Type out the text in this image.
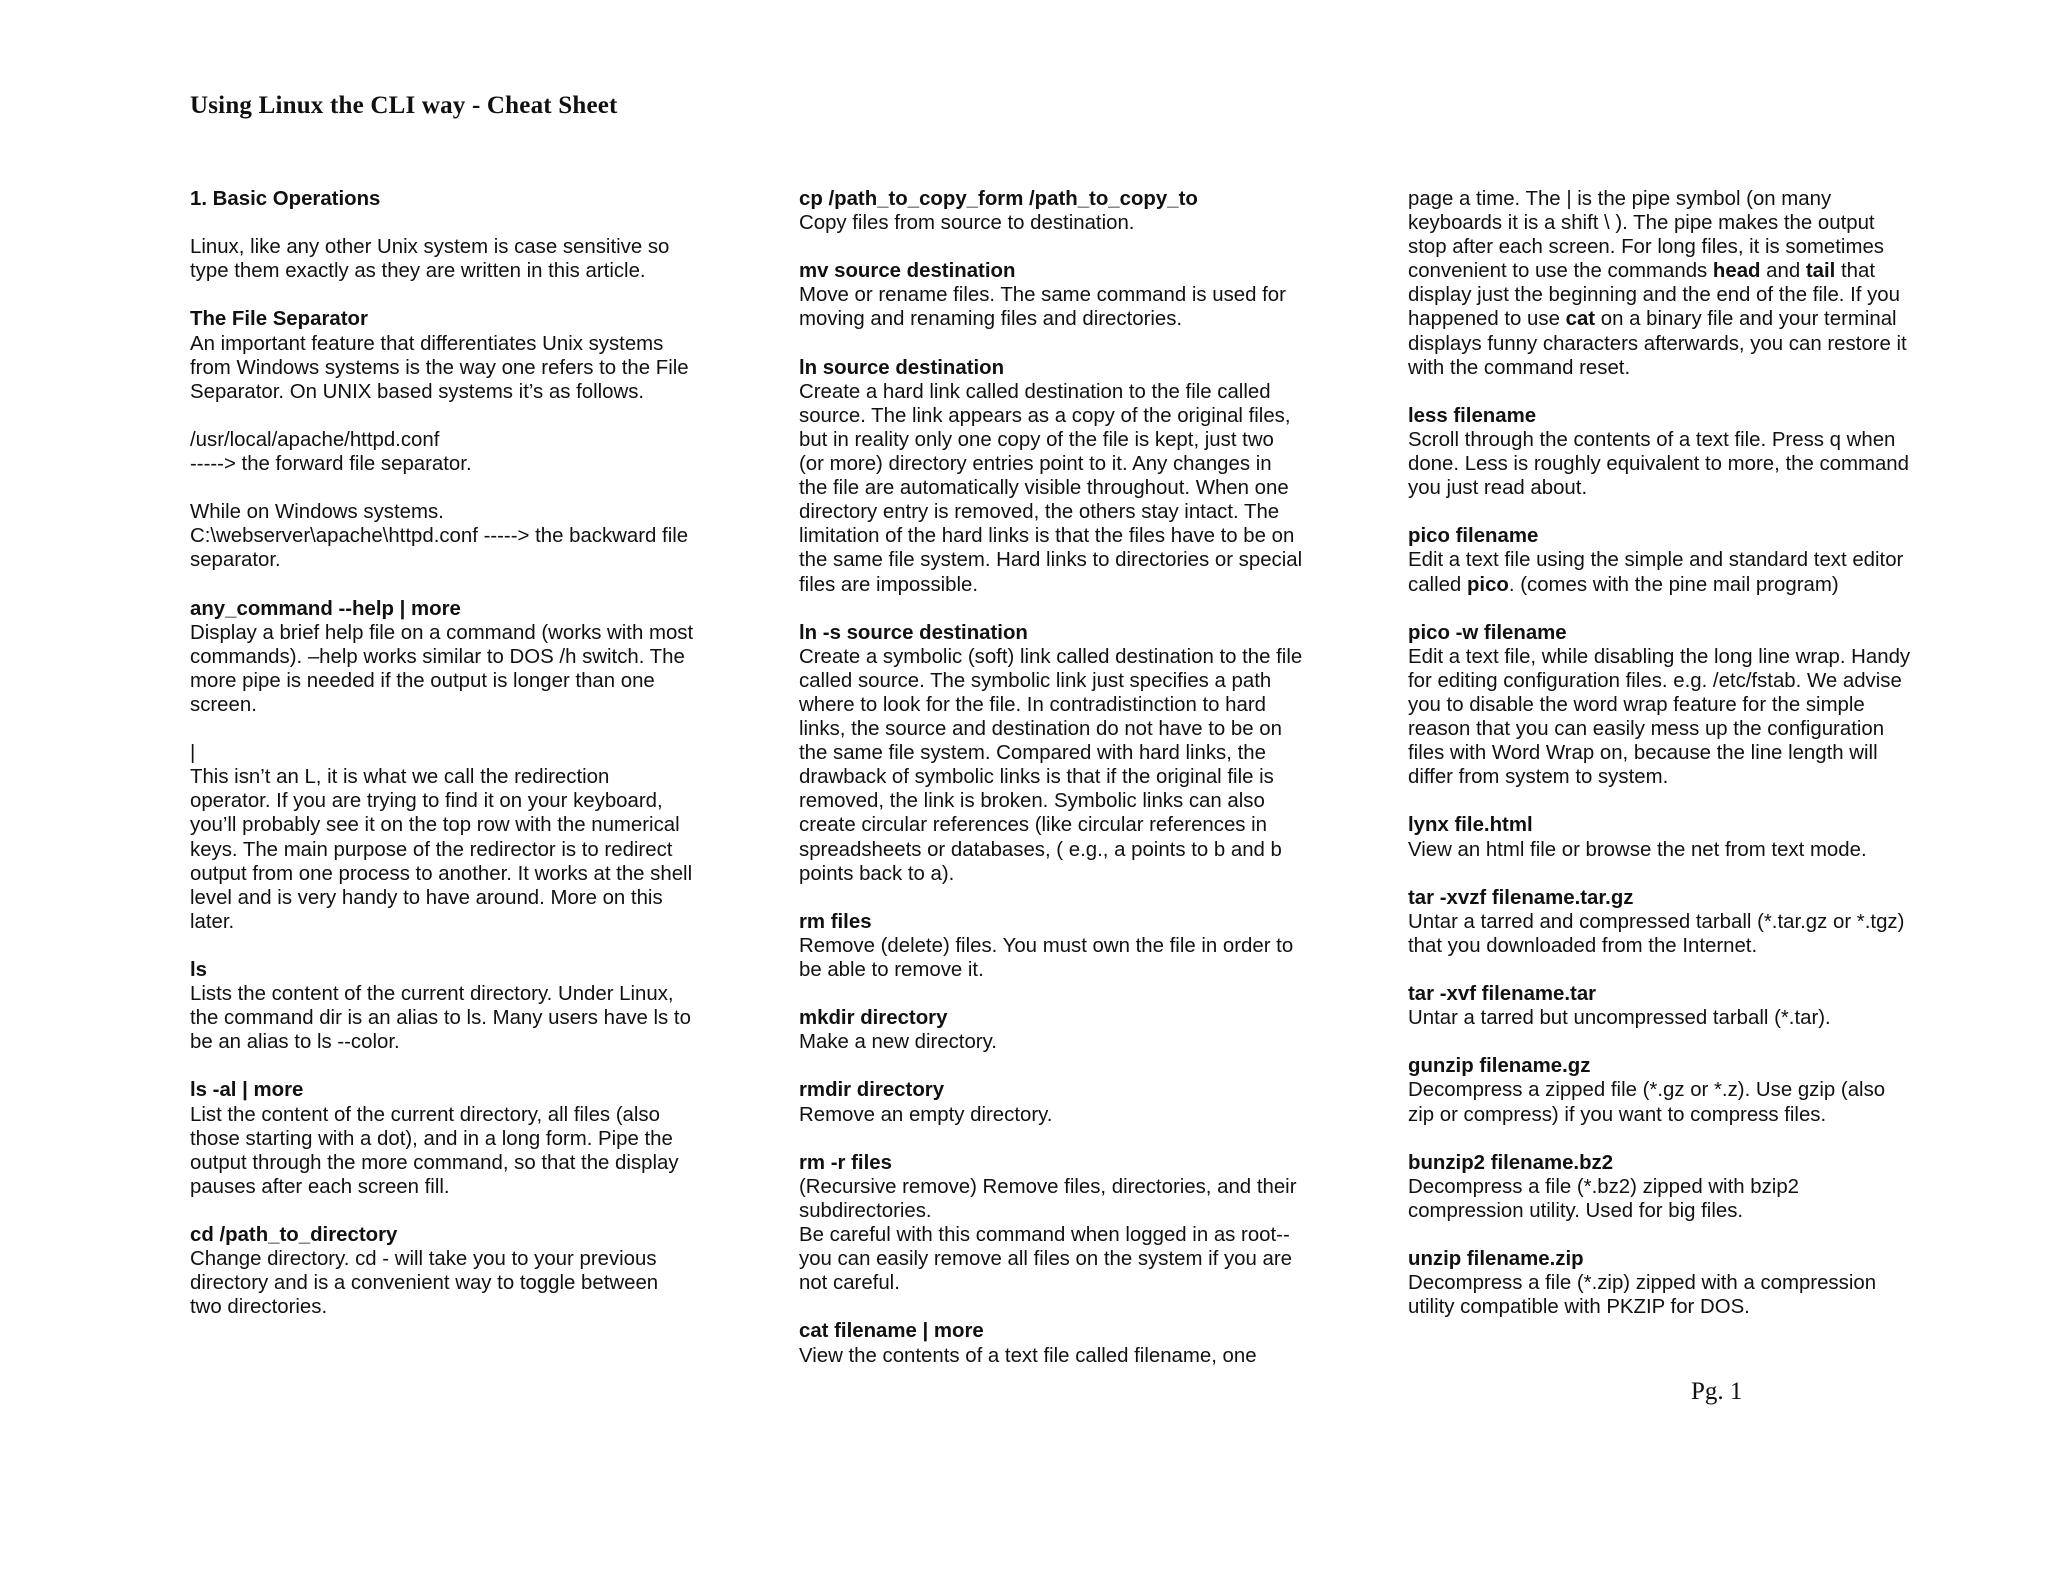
Using Linux the CLI way - Cheat Sheet
1. Basic Operations
Linux, like any other Unix system is case sensitive so
type them exactly as they are written in this article.
The File Separator
An important feature that differentiates Unix systems
from Windows systems is the way one refers to the File
Separator. On UNIX based systems it’s as follows.
/usr/local/apache/httpd.conf
-----> the forward file separator.
While on Windows systems.
C:\webserver\apache\httpd.conf -----> the backward file
separator.
any_command --help | more
Display a brief help file on a command (works with most
commands). –help works similar to DOS /h switch. The
more pipe is needed if the output is longer than one
screen.
|
This isn’t an L, it is what we call the redirection
operator. If you are trying to find it on your keyboard,
you’ll probably see it on the top row with the numerical
keys. The main purpose of the redirector is to redirect
output from one process to another. It works at the shell
level and is very handy to have around. More on this
later.
ls
Lists the content of the current directory. Under Linux,
the command dir is an alias to ls. Many users have ls to
be an alias to ls --color.
ls -al | more
List the content of the current directory, all files (also
those starting with a dot), and in a long form. Pipe the
output through the more command, so that the display
pauses after each screen fill.
cd /path_to_directory
Change directory. cd - will take you to your previous
directory and is a convenient way to toggle between
two directories.
cp /path_to_copy_form /path_to_copy_to
Copy files from source to destination.
mv source destination
Move or rename files. The same command is used for
moving and renaming files and directories.
ln source destination
Create a hard link called destination to the file called
source. The link appears as a copy of the original files,
but in reality only one copy of the file is kept, just two
(or more) directory entries point to it. Any changes in
the file are automatically visible throughout. When one
directory entry is removed, the others stay intact. The
limitation of the hard links is that the files have to be on
the same file system. Hard links to directories or special
files are impossible.
ln -s source destination
Create a symbolic (soft) link called destination to the file
called source. The symbolic link just specifies a path
where to look for the file. In contradistinction to hard
links, the source and destination do not have to be on
the same file system. Compared with hard links, the
drawback of symbolic links is that if the original file is
removed, the link is broken. Symbolic links can also
create circular references (like circular references in
spreadsheets or databases, ( e.g., a points to b and b
points back to a).
rm files
Remove (delete) files. You must own the file in order to
be able to remove it.
mkdir directory
Make a new directory.
rmdir directory
Remove an empty directory.
rm -r files
(Recursive remove) Remove files, directories, and their
subdirectories.
Be careful with this command when logged in as root--
you can easily remove all files on the system if you are
not careful.
cat filename | more
View the contents of a text file called filename, one
page a time. The | is the pipe symbol (on many
keyboards it is a shift \ ). The pipe makes the output
stop after each screen. For long files, it is sometimes
convenient to use the commands head and tail that
display just the beginning and the end of the file. If you
happened to use cat on a binary file and your terminal
displays funny characters afterwards, you can restore it
with the command reset.
less filename
Scroll through the contents of a text file. Press q when
done. Less is roughly equivalent to more, the command
you just read about.
pico filename
Edit a text file using the simple and standard text editor
called pico. (comes with the pine mail program)
pico -w filename
Edit a text file, while disabling the long line wrap. Handy
for editing configuration files. e.g. /etc/fstab. We advise
you to disable the word wrap feature for the simple
reason that you can easily mess up the configuration
files with Word Wrap on, because the line length will
differ from system to system.
lynx file.html
View an html file or browse the net from text mode.
tar -xvzf filename.tar.gz
Untar a tarred and compressed tarball (*.tar.gz or *.tgz)
that you downloaded from the Internet.
tar -xvf filename.tar
Untar a tarred but uncompressed tarball (*.tar).
gunzip filename.gz
Decompress a zipped file (*.gz or *.z). Use gzip (also
zip or compress) if you want to compress files.
bunzip2 filename.bz2
Decompress a file (*.bz2) zipped with bzip2
compression utility. Used for big files.
unzip filename.zip
Decompress a file (*.zip) zipped with a compression
utility compatible with PKZIP for DOS.
Pg. 1
